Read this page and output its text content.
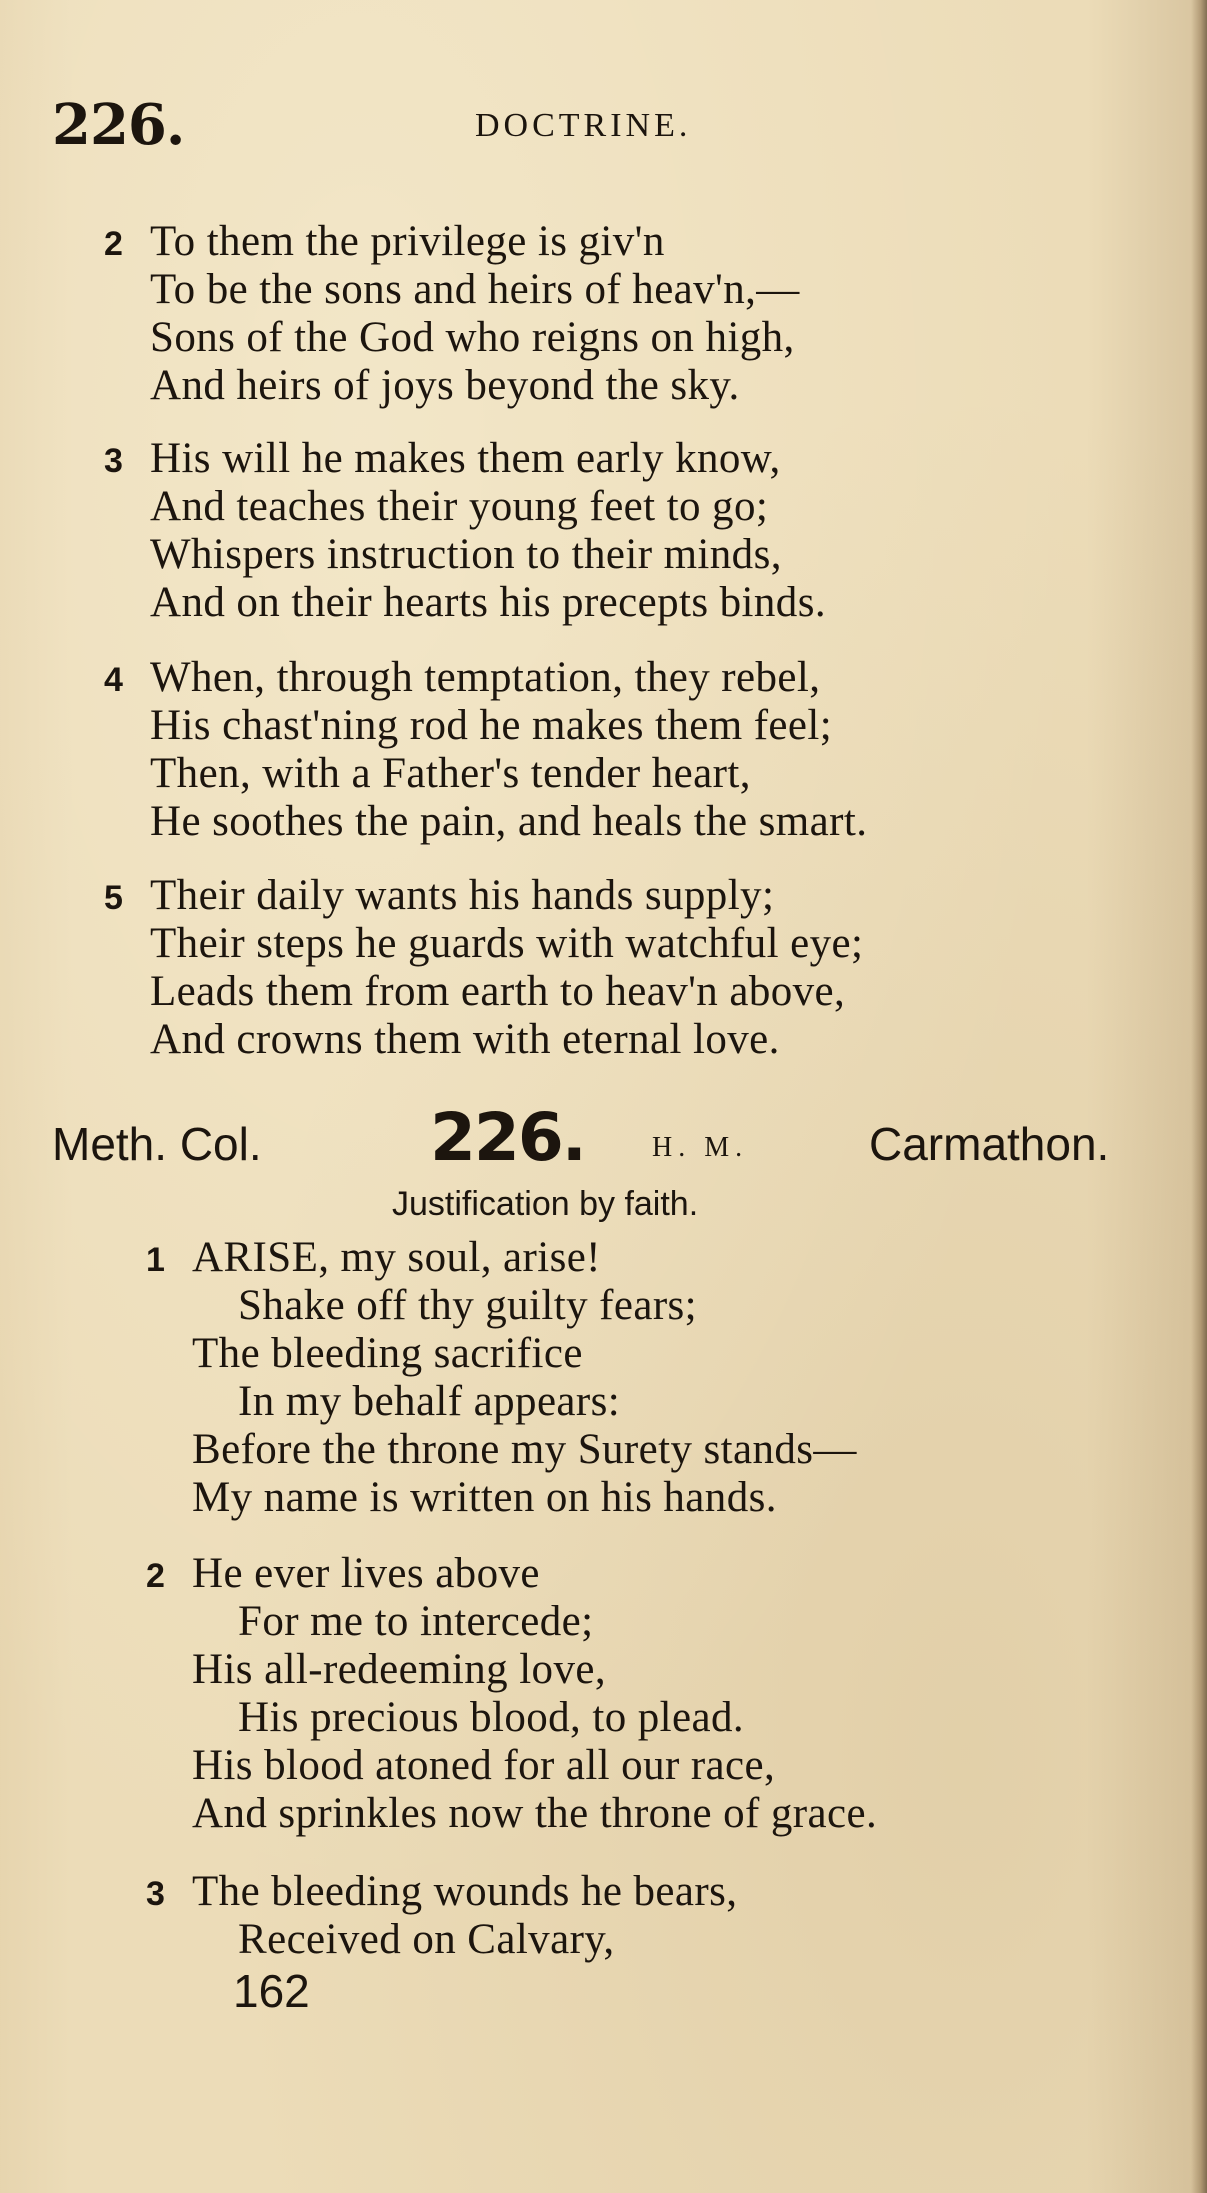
226.	DOCTRINE.
2 To them the privilege is giv'n
To be the sons and heirs of heav'n,—
Sons of the God who reigns on high,
And heirs of joys beyond the sky.
3 His will he makes them early know,
And teaches their young feet to go;
Whispers instruction to their minds,
And on their hearts his precepts binds.
4 When, through temptation, they rebel,
His chast'ning rod he makes them feel;
Then, with a Father's tender heart,
He soothes the pain, and heals the smart.
5 Their daily wants his hands supply;
Their steps he guards with watchful eye;
Leads them from earth to heav'n above,
And crowns them with eternal love.
Meth. Col.	226. H. M.	Carmathon.
Justification by faith.
1 ARISE, my soul, arise!
Shake off thy guilty fears;
The bleeding sacrifice
In my behalf appears:
Before the throne my Surety stands—
My name is written on his hands.
2 He ever lives above
For me to intercede;
His all-redeeming love,
His precious blood, to plead.
His blood atoned for all our race,
And sprinkles now the throne of grace.
3 The bleeding wounds he bears,
Received on Calvary,
162
